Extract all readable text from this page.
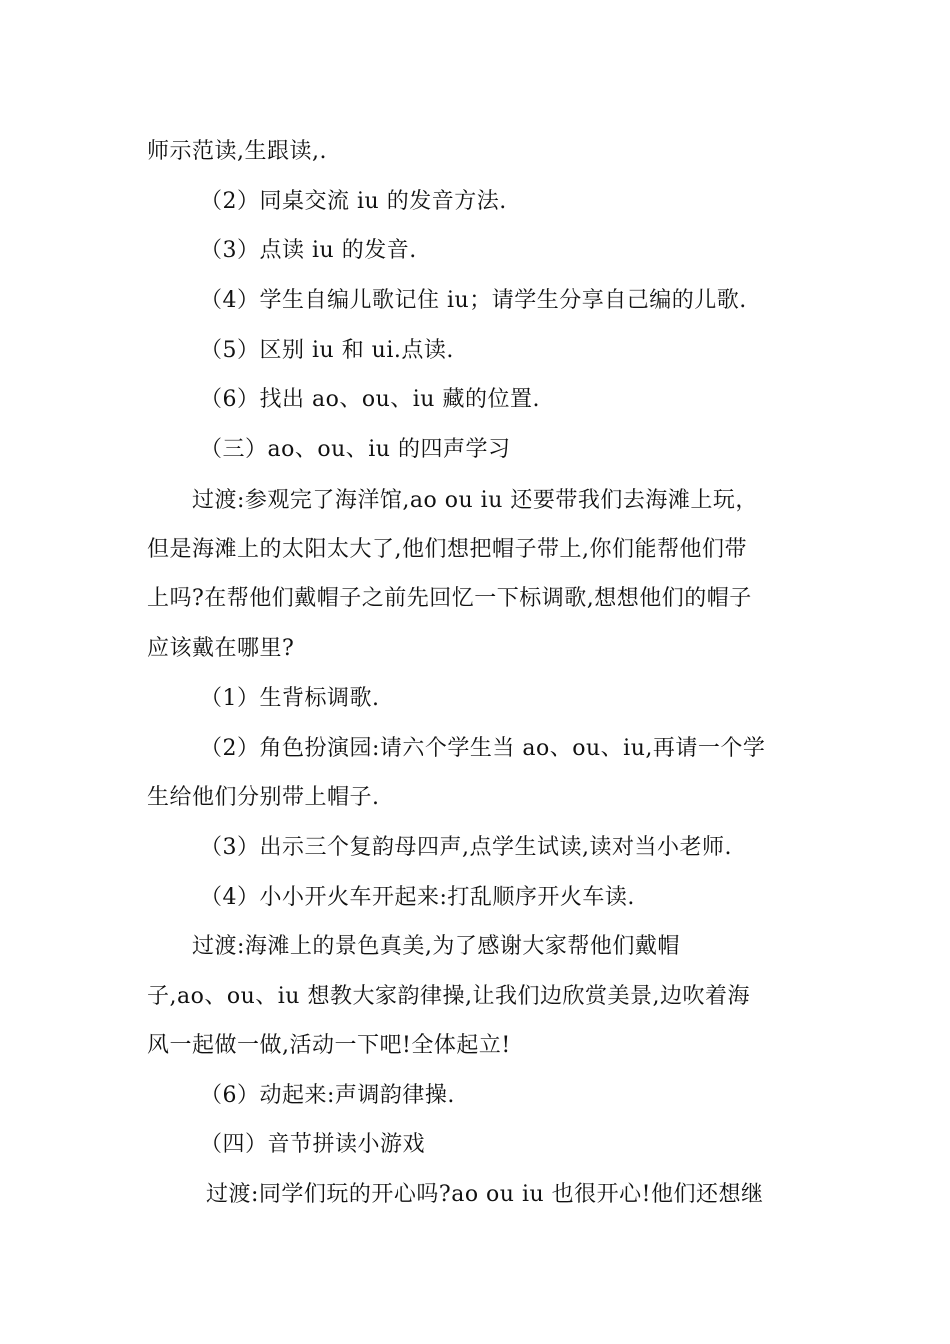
师示范读,生跟读,.
（2）同桌交流 iu 的发音方法.
（3）点读 iu 的发音.
（4）学生自编儿歌记住 iu；请学生分享自己编的儿歌.
（5）区别 iu 和 ui.点读.
（6）找出 ao、ou、iu 藏的位置.
（三）ao、ou、iu 的四声学习
过渡:参观完了海洋馆,ao ou iu 还要带我们去海滩上玩，
但是海滩上的太阳太大了,他们想把帽子带上,你们能帮他们带
上吗?在帮他们戴帽子之前先回忆一下标调歌,想想他们的帽子
应该戴在哪里?
（1）生背标调歌.
（2）角色扮演园:请六个学生当 ao、ou、iu,再请一个学
生给他们分别带上帽子.
（3）出示三个复韵母四声,点学生试读,读对当小老师.
（4）小小开火车开起来:打乱顺序开火车读.
过渡:海滩上的景色真美,为了感谢大家帮他们戴帽
子,ao、ou、iu 想教大家韵律操,让我们边欣赏美景,边吹着海
风一起做一做,活动一下吧!全体起立!
（6）动起来:声调韵律操.
（四）音节拼读小游戏
过渡:同学们玩的开心吗?ao ou iu 也很开心!他们还想继
